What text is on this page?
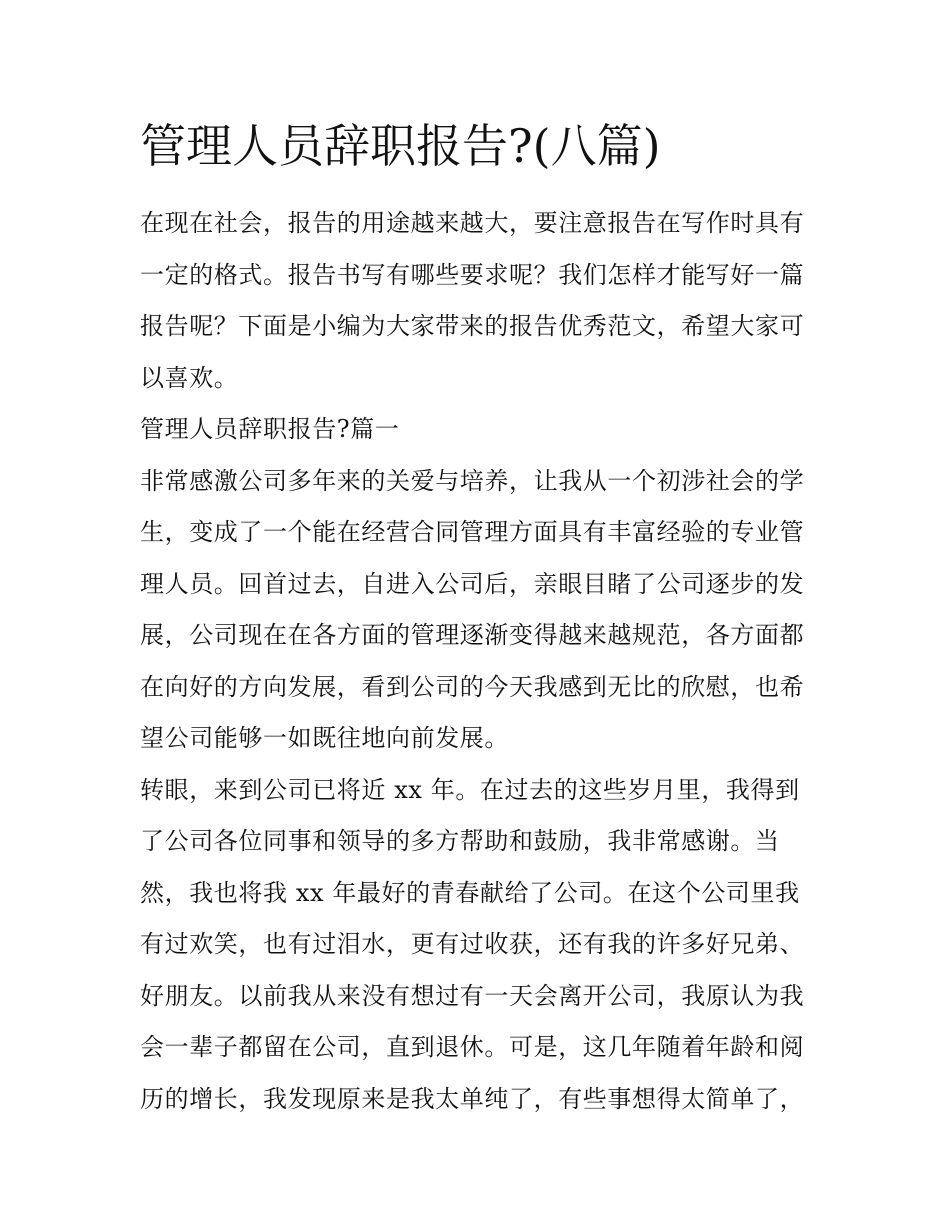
管理人员辞职报告?(八篇)
在现在社会，报告的用途越来越大，要注意报告在写作时具有
一定的格式。报告书写有哪些要求呢？我们怎样才能写好一篇
报告呢？下面是小编为大家带来的报告优秀范文，希望大家可
以喜欢。
管理人员辞职报告?篇一
非常感激公司多年来的关爱与培养，让我从一个初涉社会的学
生，变成了一个能在经营合同管理方面具有丰富经验的专业管
理人员。回首过去，自进入公司后，亲眼目睹了公司逐步的发
展，公司现在在各方面的管理逐渐变得越来越规范，各方面都
在向好的方向发展，看到公司的今天我感到无比的欣慰，也希
望公司能够一如既往地向前发展。
转眼，来到公司已将近 xx 年。在过去的这些岁月里，我得到
了公司各位同事和领导的多方帮助和鼓励，我非常感谢。当
然，我也将我 xx 年最好的青春献给了公司。在这个公司里我
有过欢笑，也有过泪水，更有过收获，还有我的许多好兄弟、
好朋友。以前我从来没有想过有一天会离开公司，我原认为我
会一辈子都留在公司，直到退休。可是，这几年随着年龄和阅
历的增长，我发现原来是我太单纯了，有些事想得太简单了，
